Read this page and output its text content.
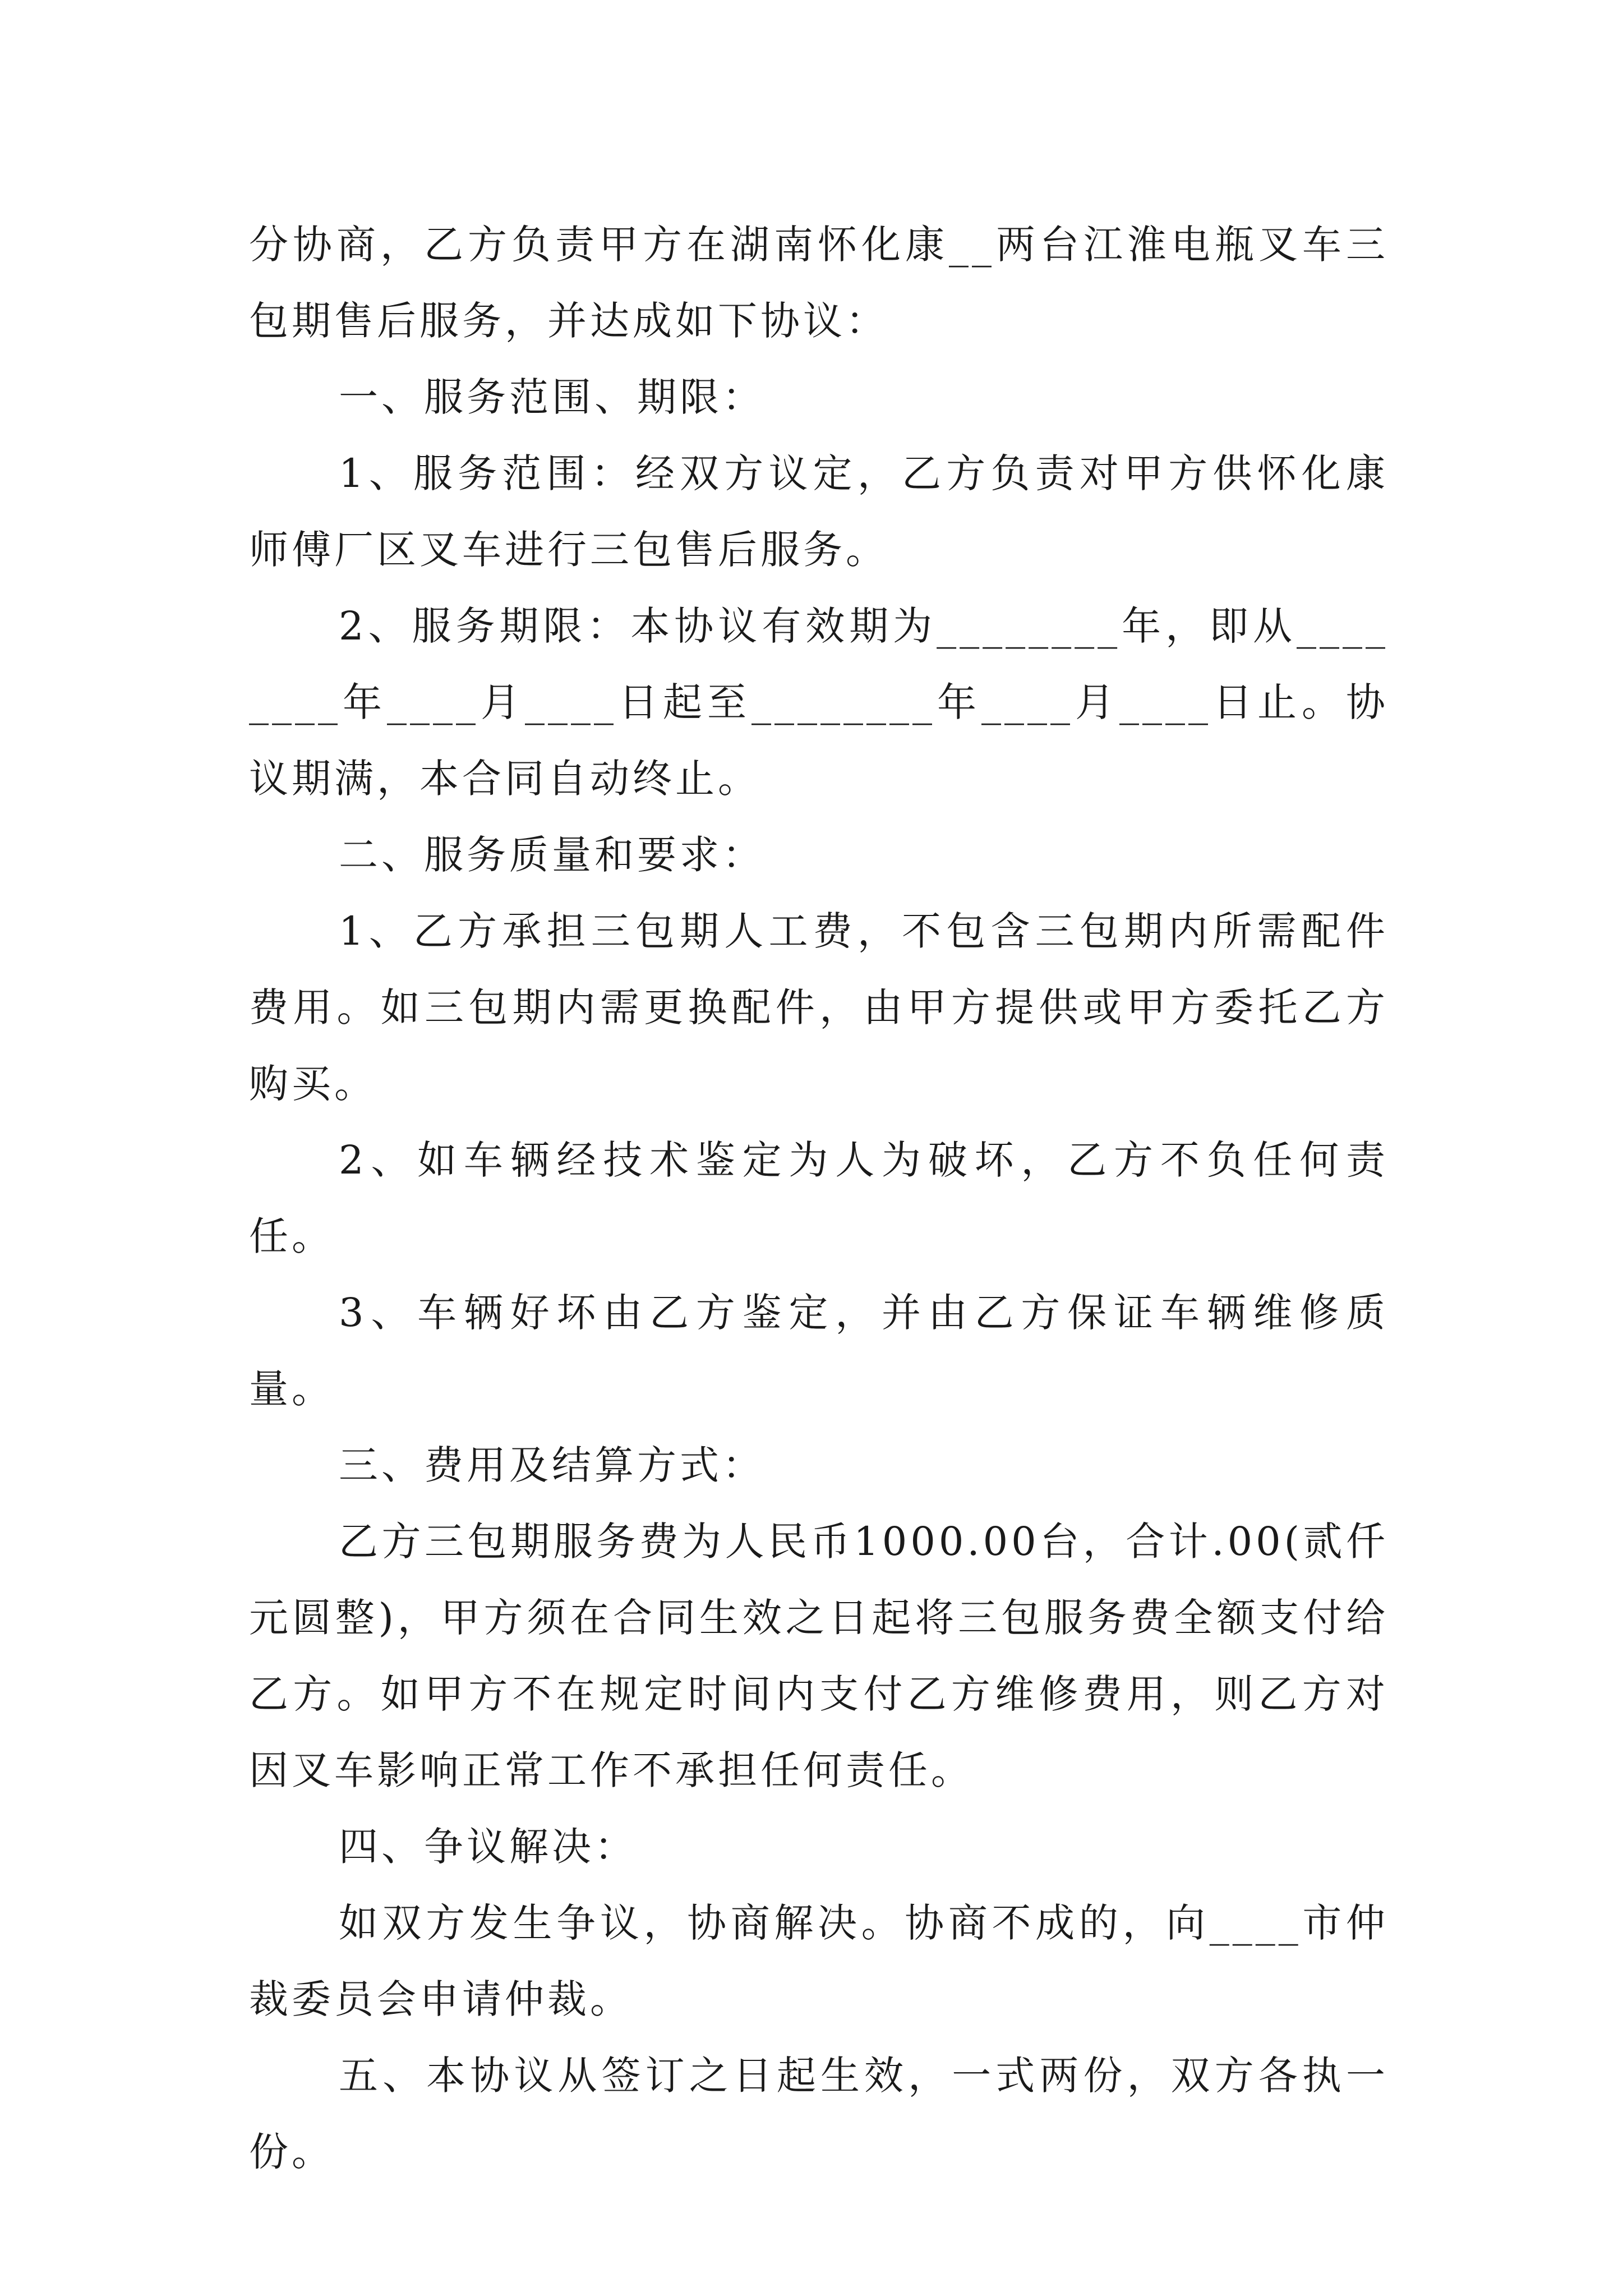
分协商，乙方负责甲方在湖南怀化康__两台江淮电瓶叉车三包期售后服务，并达成如下协议：

一、服务范围、期限：

1、服务范围：经双方议定，乙方负责对甲方供怀化康师傅厂区叉车进行三包售后服务。

2、服务期限：本协议有效期为________年，即从________年____月____日起至________年____月____日止。协议期满，本合同自动终止。

二、服务质量和要求：

1、乙方承担三包期人工费，不包含三包期内所需配件费用。如三包期内需更换配件，由甲方提供或甲方委托乙方购买。

2、如车辆经技术鉴定为人为破坏，乙方不负任何责任。

3、车辆好坏由乙方鉴定，并由乙方保证车辆维修质量。

三、费用及结算方式：

乙方三包期服务费为人民币1000.00台，合计.00(贰仟元圆整)，甲方须在合同生效之日起将三包服务费全额支付给乙方。如甲方不在规定时间内支付乙方维修费用，则乙方对因叉车影响正常工作不承担任何责任。

四、争议解决：

如双方发生争议，协商解决。协商不成的，向____市仲裁委员会申请仲裁。

五、本协议从签订之日起生效，一式两份，双方各执一份。
